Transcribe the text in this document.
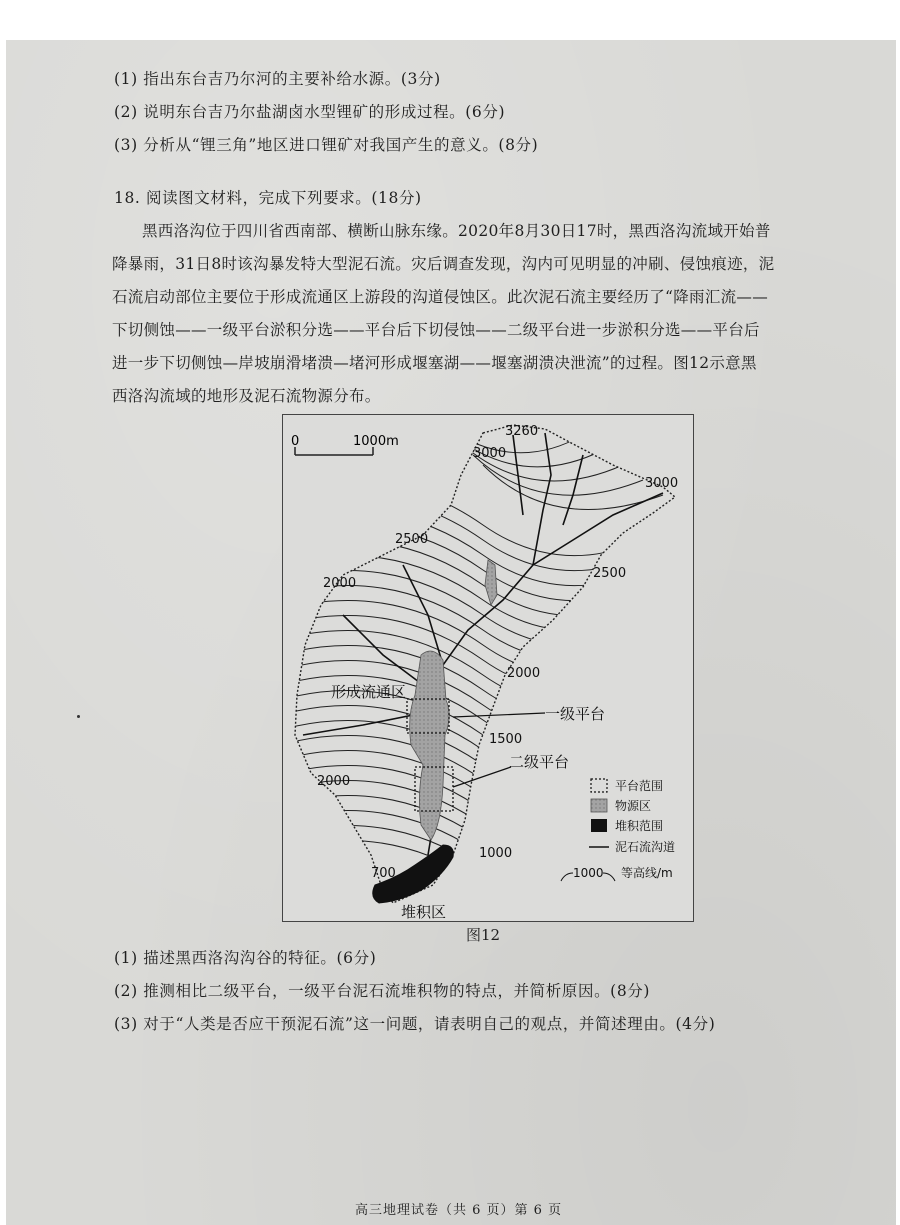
(1) 指出东台吉乃尔河的主要补给水源。(3分)
(2) 说明东台吉乃尔盐湖卤水型锂矿的形成过程。(6分)
(3) 分析从“锂三角”地区进口锂矿对我国产生的意义。(8分)
18. 阅读图文材料，完成下列要求。(18分)
黑西洛沟位于四川省西南部、横断山脉东缘。2020年8月30日17时，黑西洛沟流域开始普
降暴雨，31日8时该沟暴发特大型泥石流。灾后调查发现，沟内可见明显的冲刷、侵蚀痕迹，泥
石流启动部位主要位于形成流通区上游段的沟道侵蚀区。此次泥石流主要经历了“降雨汇流——
下切侧蚀——一级平台淤积分选——平台后下切侵蚀——二级平台进一步淤积分选——平台后
进一步下切侧蚀—岸坡崩滑堵溃—堵河形成堰塞湖——堰塞湖溃决泄流”的过程。图12示意黑
西洛沟流域的地形及泥石流物源分布。
0	1000m
3260
3000
3000
2500
2500
2000
2000
1500
2000
1000
700
形成流通区
一级平台
二级平台
堆积区
平台范围
物源区
堆积范围
泥石流沟道
1000 等高线/m
图12
(1) 描述黑西洛沟沟谷的特征。(6分)
(2) 推测相比二级平台，一级平台泥石流堆积物的特点，并简析原因。(8分)
(3) 对于“人类是否应干预泥石流”这一问题，请表明自己的观点，并简述理由。(4分)
高三地理试卷（共 6 页）第 6 页
